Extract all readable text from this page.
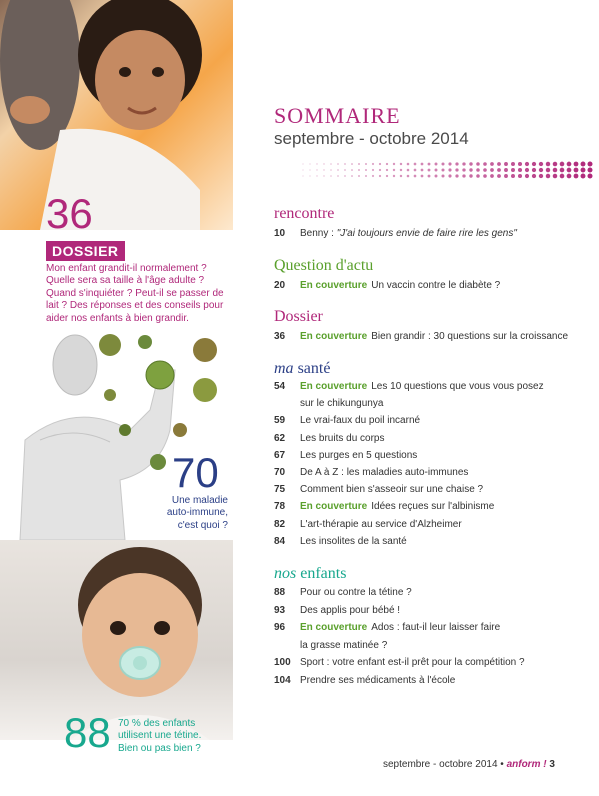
36
DOSSIER
Mon enfant grandit-il normalement ?
Quelle sera sa taille à l'âge adulte ?
Quand s'inquiéter ? Peut-il se passer de
lait ? Des réponses et des conseils pour
aider nos enfants à bien grandir.
70
Une maladie
auto-immune,
c'est quoi ?
88 70 % des enfants
utilisent une tétine.
Bien ou pas bien ?
SOMMAIRE
septembre - octobre 2014
rencontre
10 Benny : "J'ai toujours envie de faire rire les gens"
Question d'actu
20 En couverture Un vaccin contre le diabète ?
Dossier
36 En couverture Bien grandir : 30 questions sur la croissance
ma santé
54 En couverture Les 10 questions que vous vous posez
sur le chikungunya
59 Le vrai-faux du poil incarné
62 Les bruits du corps
67 Les purges en 5 questions
70 De A à Z : les maladies auto-immunes
75 Comment bien s'asseoir sur une chaise ?
78 En couverture Idées reçues sur l'albinisme
82 L'art-thérapie au service d'Alzheimer
84 Les insolites de la santé
nos enfants
88 Pour ou contre la tétine ?
93 Des applis pour bébé !
96 En couverture Ados : faut-il leur laisser faire
la grasse matinée ?
100 Sport : votre enfant est-il prêt pour la compétition ?
104 Prendre ses médicaments à l'école
septembre - octobre 2014 • anform ! 3
